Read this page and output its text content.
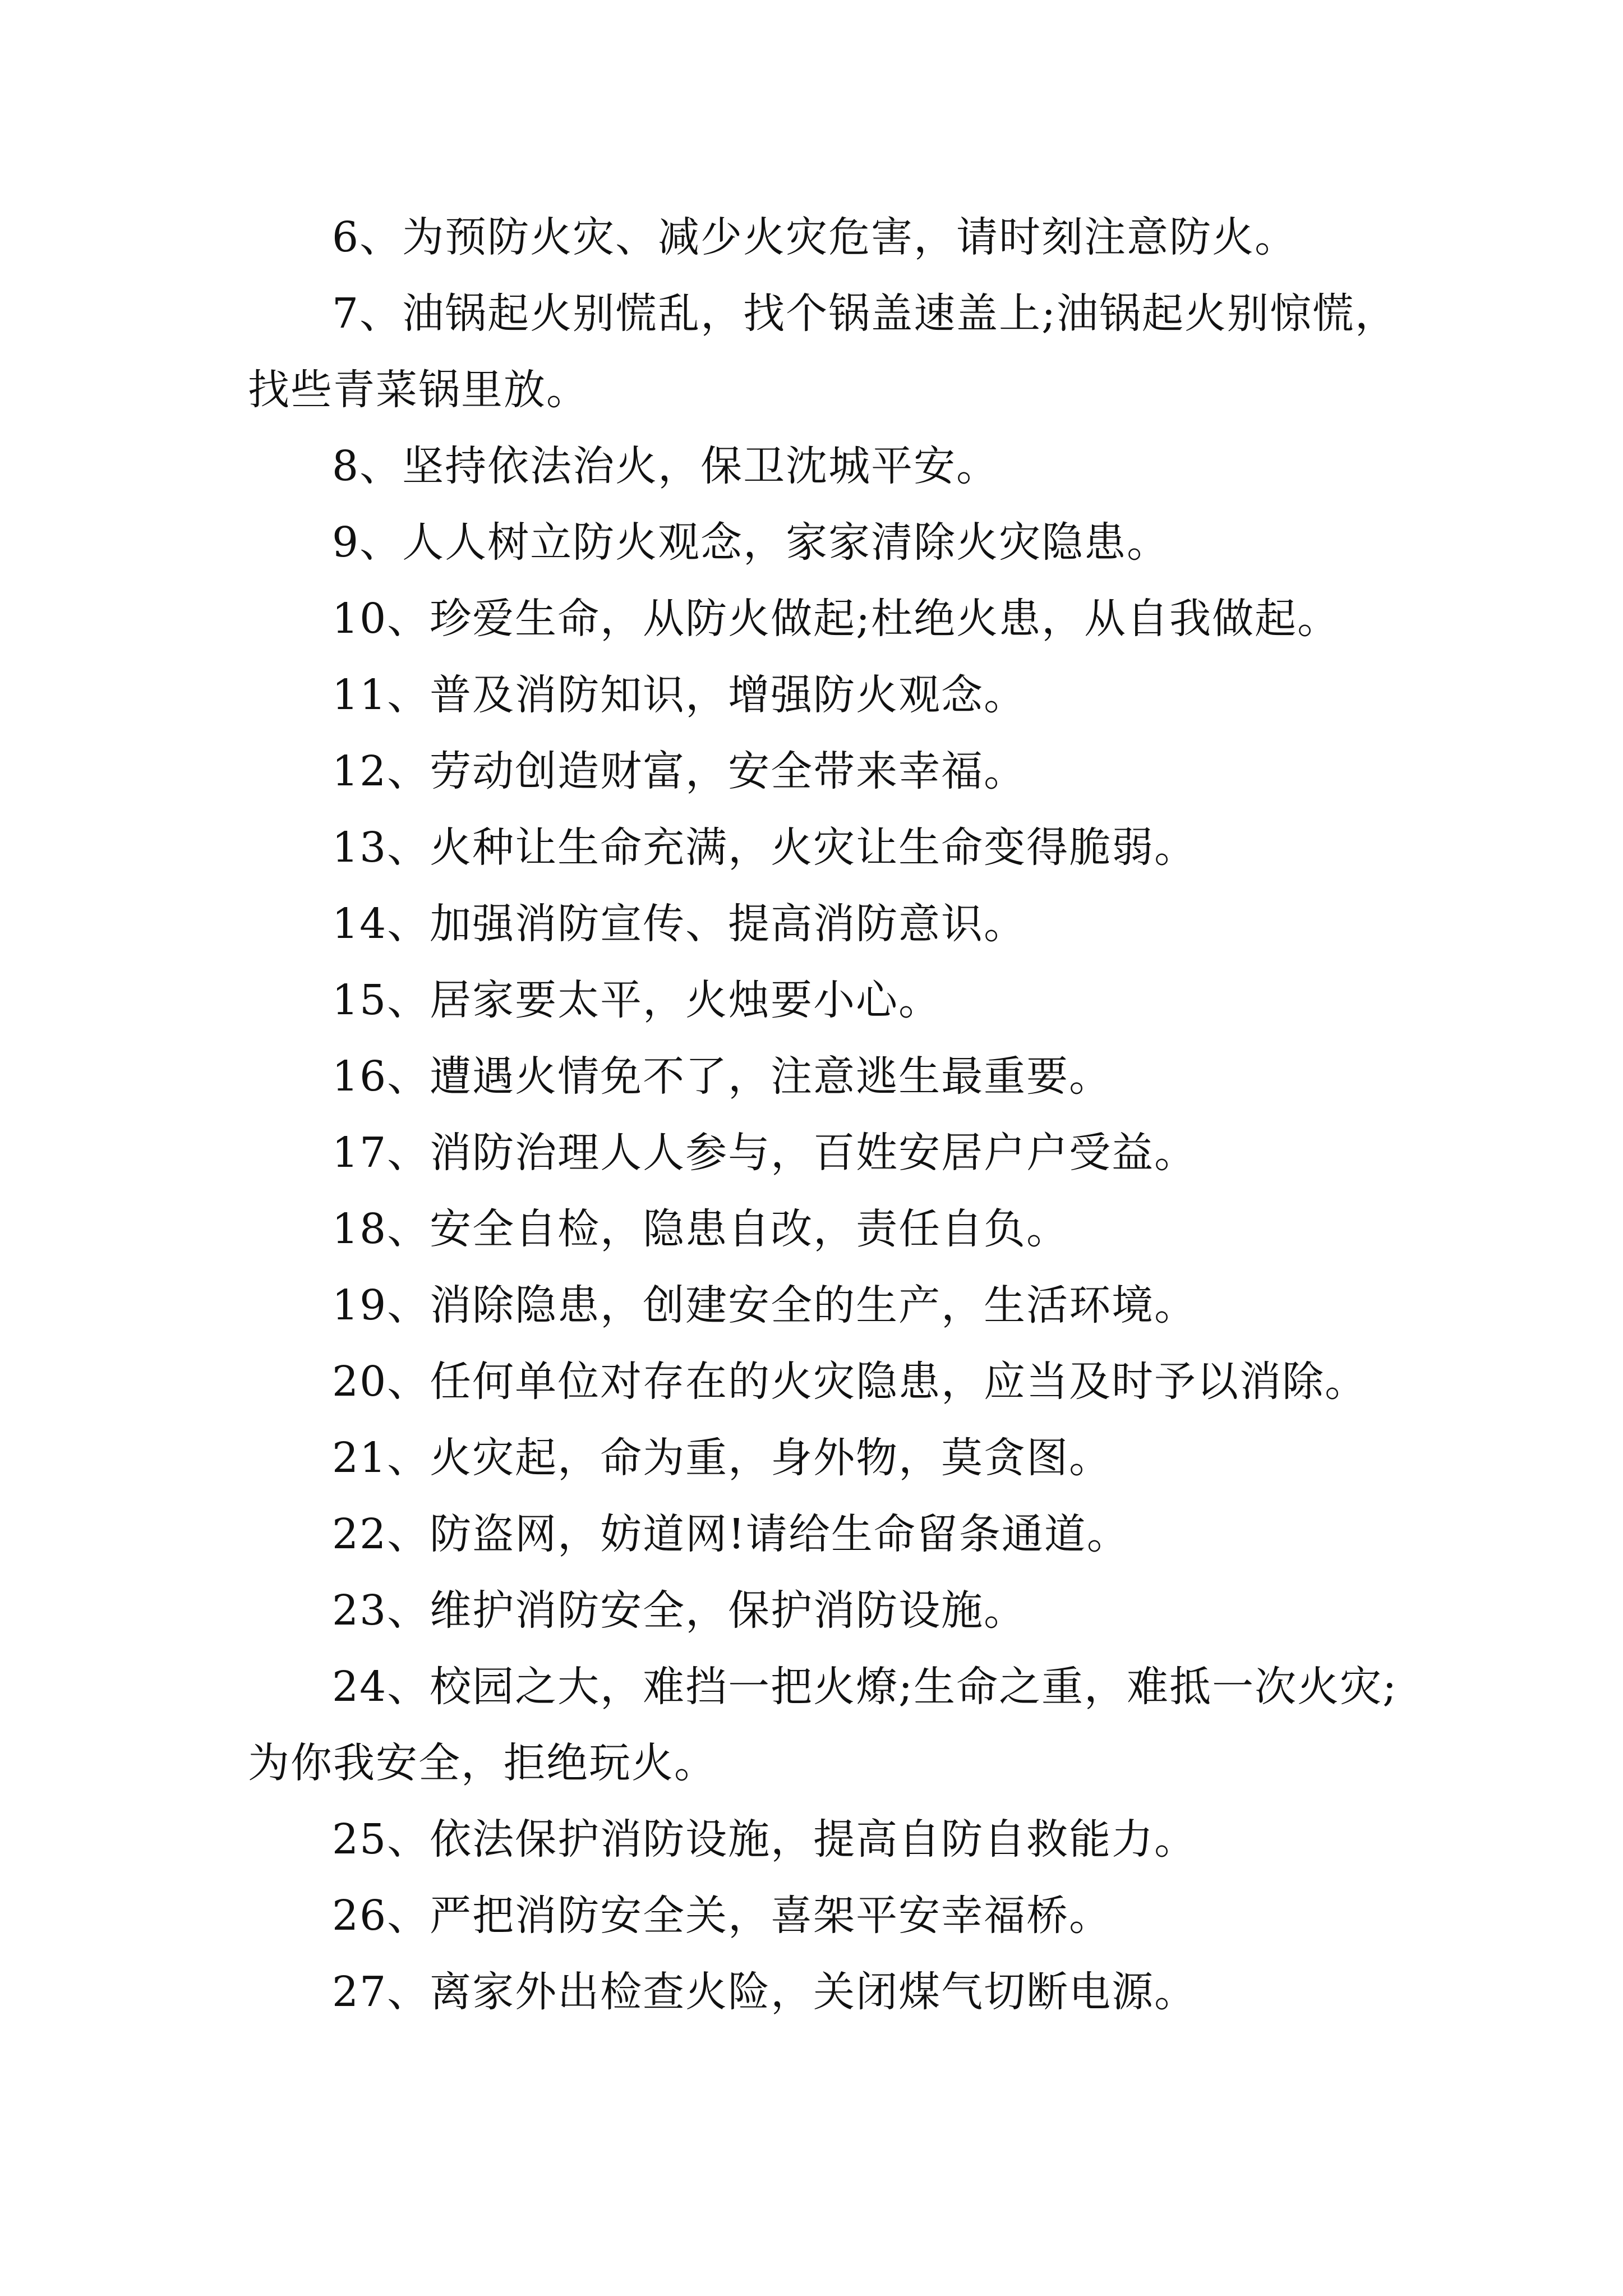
6、为预防火灾、减少火灾危害，请时刻注意防火。

7、油锅起火别慌乱，找个锅盖速盖上;油锅起火别惊慌，找些青菜锅里放。

8、坚持依法治火，保卫沈城平安。

9、人人树立防火观念，家家清除火灾隐患。

10、珍爱生命，从防火做起;杜绝火患，从自我做起。

11、普及消防知识，增强防火观念。

12、劳动创造财富，安全带来幸福。

13、火种让生命充满，火灾让生命变得脆弱。

14、加强消防宣传、提高消防意识。

15、居家要太平，火烛要小心。

16、遭遇火情免不了，注意逃生最重要。

17、消防治理人人参与，百姓安居户户受益。

18、安全自检，隐患自改，责任自负。

19、消除隐患，创建安全的生产，生活环境。

20、任何单位对存在的火灾隐患，应当及时予以消除。

21、火灾起，命为重，身外物，莫贪图。

22、防盗网，妨道网!请给生命留条通道。

23、维护消防安全，保护消防设施。

24、校园之大，难挡一把火燎;生命之重，难抵一次火灾;为你我安全，拒绝玩火。

25、依法保护消防设施，提高自防自救能力。

26、严把消防安全关，喜架平安幸福桥。

27、离家外出检查火险，关闭煤气切断电源。
